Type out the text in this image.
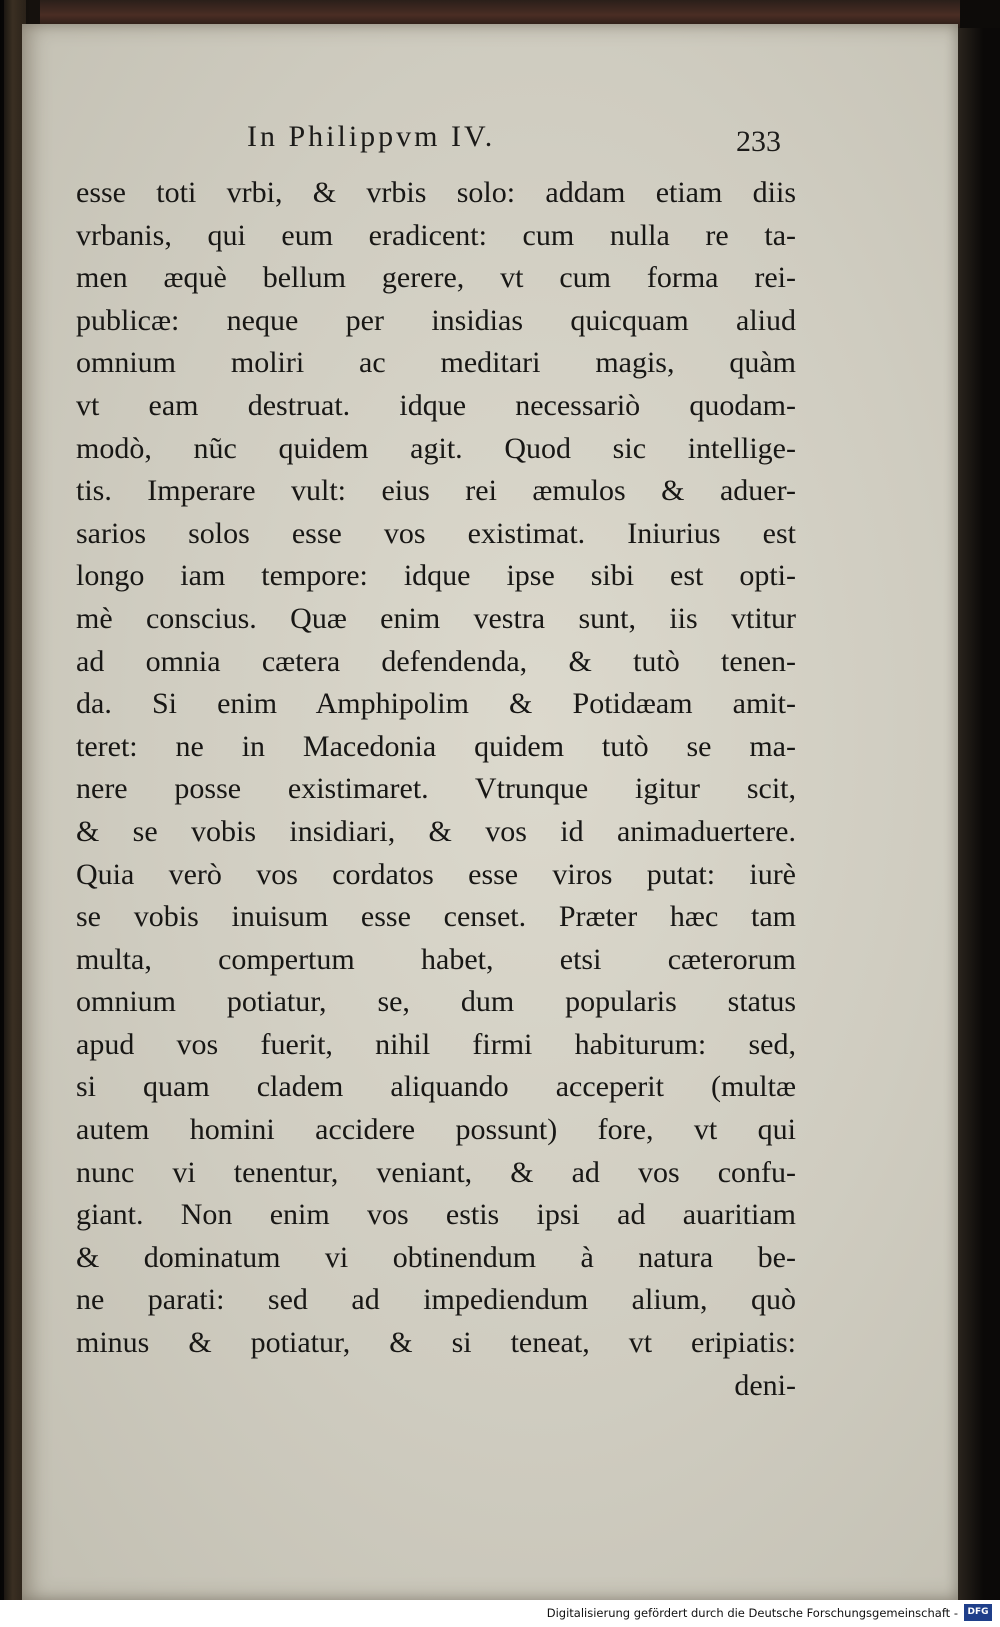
In Philippvm IV.	233
esse toti vrbi, & vrbis solo: addam etiam diis
vrbanis, qui eum eradicent: cum nulla re ta-
men æquè bellum gerere, vt cum forma rei-
publicæ: neque per insidias quicquam aliud
omnium moliri ac meditari magis, quàm
vt eam destruat. idque necessariò quodam-
modò, nũc quidem agit. Quod sic intellige-
tis. Imperare vult: eius rei æmulos & aduer-
sarios solos esse vos existimat. Iniurius est
longo iam tempore: idque ipse sibi est opti-
mè conscius. Quæ enim vestra sunt, iis vtitur
ad omnia cætera defendenda, & tutò tenen-
da. Si enim Amphipolim & Potidæam amit-
teret: ne in Macedonia quidem tutò se ma-
nere posse existimaret. Vtrunque igitur scit,
& se vobis insidiari, & vos id animaduertere.
Quia verò vos cordatos esse viros putat: iurè
se vobis inuisum esse censet. Præter hæc tam
multa, compertum habet, etsi cæterorum
omnium potiatur, se, dum popularis status
apud vos fuerit, nihil firmi habiturum: sed,
si quam cladem aliquando acceperit (multæ
autem homini accidere possunt) fore, vt qui
nunc vi tenentur, veniant, & ad vos confu-
giant. Non enim vos estis ipsi ad auaritiam
& dominatum vi obtinendum à natura be-
ne parati: sed ad impediendum alium, quò
minus & potiatur, & si teneat, vt eripiatis:
deni-
Digitalisierung gefördert durch die Deutsche Forschungsgemeinschaft -	DFG
